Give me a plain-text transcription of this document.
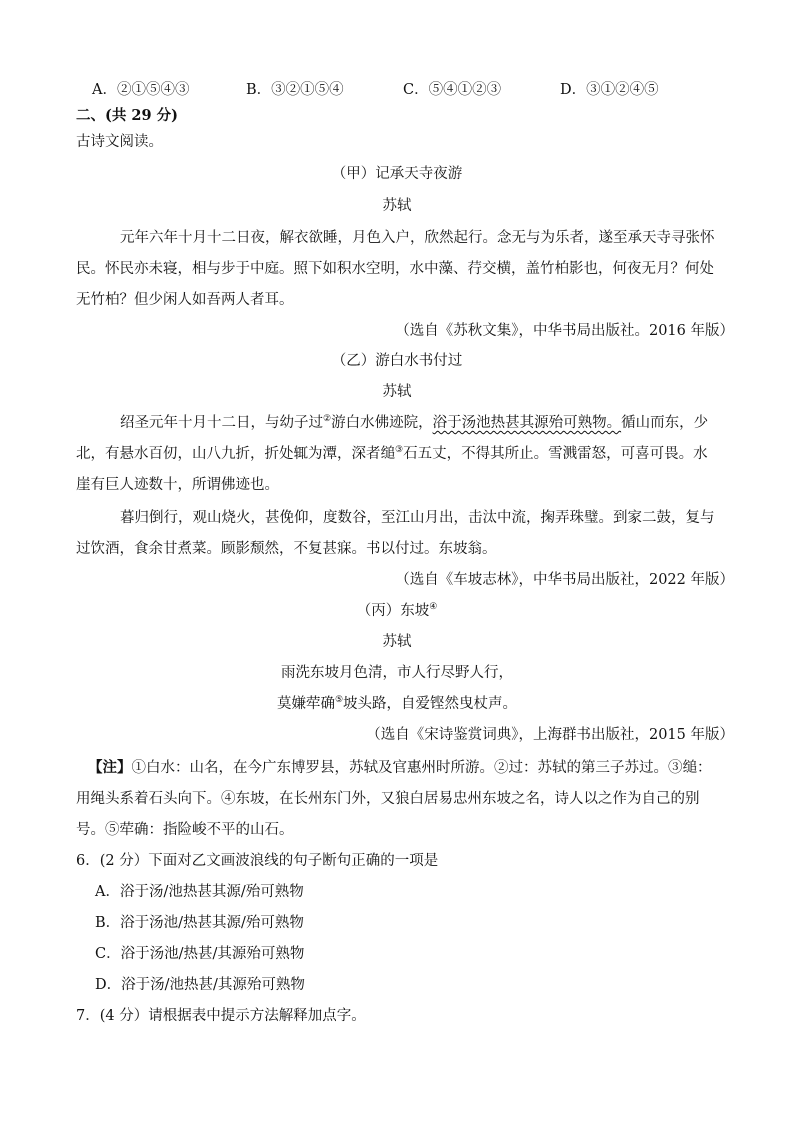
A．②①⑤④③	B．③②①⑤④	C．⑤④①②③	D．③①②④⑤
二、(共 29 分)
古诗文阅读。
（甲）记承天寺夜游
苏轼
元年六年十月十二日夜，解衣欲睡，月色入户，欣然起行。念无与为乐者，遂至承天寺寻张怀
民。怀民亦未寝，相与步于中庭。照下如积水空明，水中藻、荇交横，盖竹柏影也，何夜无月？何处
无竹柏？但少闲人如吾两人者耳。
（选自《苏秋文集》，中华书局出版社。2016 年版）
（乙）游白水书付过
苏轼
绍圣元年十月十二日，与幼子过②游白水佛迹院，浴于汤池热甚其源殆可熟物。循山而东，少
北，有悬水百仞，山八九折，折处辄为潭，深者缒③石五丈，不得其所止。雪溅雷怒，可喜可畏。水
崖有巨人迹数十，所谓佛迹也。
暮归倒行，观山烧火，甚俛仰，度数谷，至江山月出，击汰中流，掬弄珠璧。到家二鼓，复与
过饮酒，食余甘煮菜。顾影颓然，不复甚寐。书以付过。东坡翁。
（选自《车坡志林》，中华书局出版社，2022 年版）
（丙）东坡④
苏轼
雨洗东坡月色清，市人行尽野人行，
莫嫌荦确⑤坡头路，自爱铿然曳杖声。
（选自《宋诗鉴赏词典》，上海群书出版社，2015 年版）
【注】①白水：山名，在今广东博罗县，苏轼及官惠州时所游。②过：苏轼的第三子苏过。③缒：
用绳头系着石头向下。④东坡，在长州东门外，又狼白居易忠州东坡之名，诗人以之作为自己的别
号。⑤荦确：指险峻不平的山石。
6．(2 分）下面对乙文画波浪线的句子断句正确的一项是
A．浴于汤/池热甚其源/殆可熟物
B．浴于汤池/热甚其源/殆可熟物
C．浴于汤池/热甚/其源殆可熟物
D．浴于汤/池热甚/其源殆可熟物
7．(4 分）请根据表中提示方法解释加点字。
